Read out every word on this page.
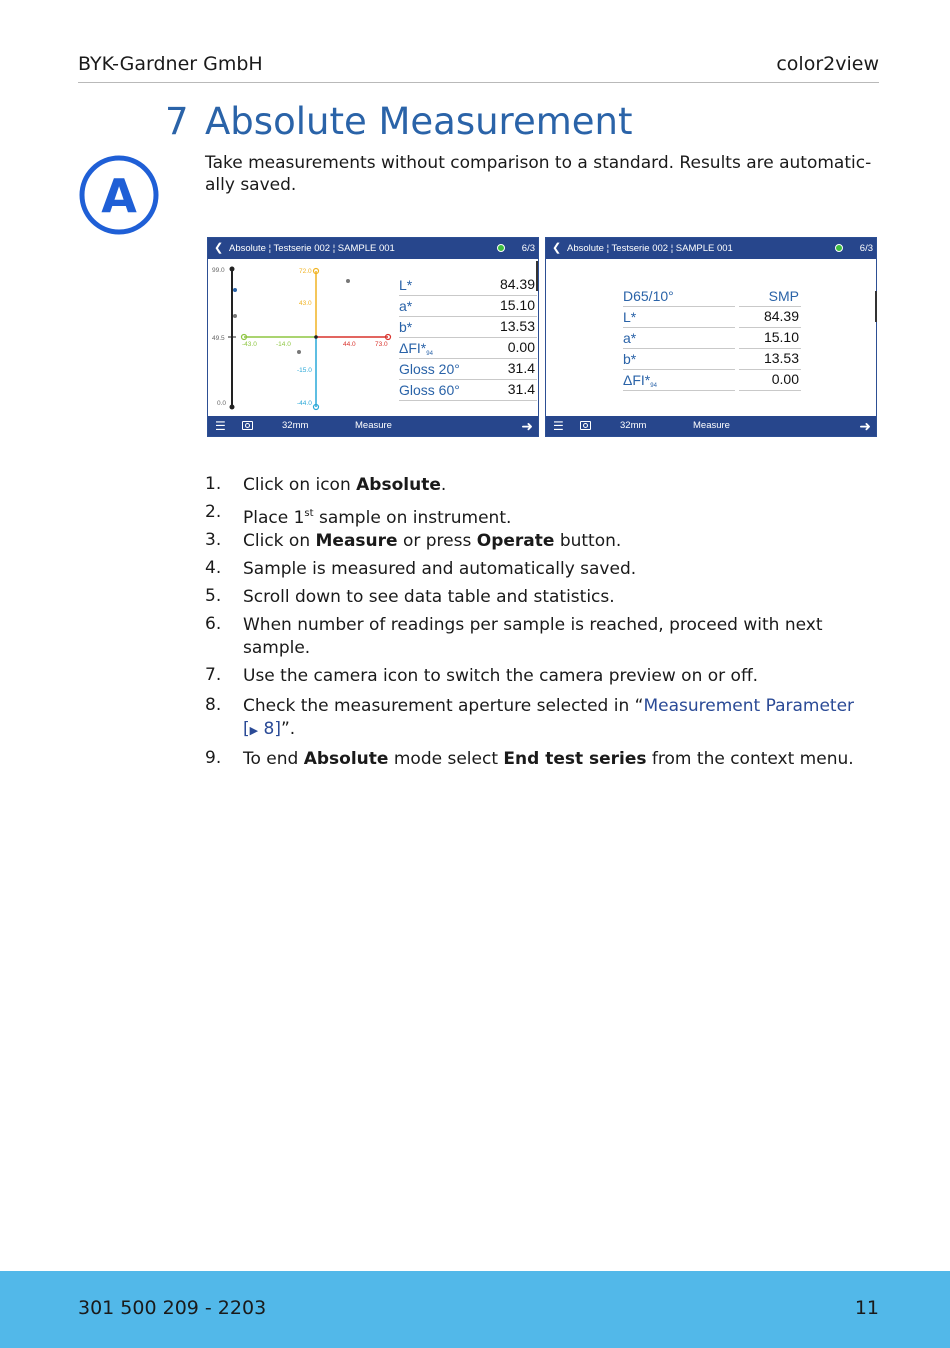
BYK-Gardner GmbH	color2view
7 Absolute Measurement
A
Take measurements without comparison to a standard. Results are automatic-ally saved.
❮ Absolute ¦ Testserie 002 ¦ SAMPLE 001	6/3
99.0
49.5
0.0
72.0
43.0
-15.0
-44.0
-43.0	-14.0	44.0	73.0
L*	84.39
a*	15.10
b*	13.53
$\Delta FI*_{94}$	0.00
Gloss 20°	31.4
Gloss 60°	31.4
☰	32mm	Measure	➜
❮ Absolute ¦ Testserie 002 ¦ SAMPLE 001	6/3
D65/10°	SMP
L*	84.39
a*	15.10
b*	13.53
$\Delta FI*_{94}$	0.00
☰	32mm	Measure	➜
1. Click on icon Absolute.
2. Place 1st sample on instrument.
3. Click on Measure or press Operate button.
4. Sample is measured and automatically saved.
5. Scroll down to see data table and statistics.
6. When number of readings per sample is reached, proceed with next sample.
7. Use the camera icon to switch the camera preview on or off.
8. Check the measurement aperture selected in “Measurement Parameter
[▶ 8]”.
9. To end Absolute mode select End test series from the context menu.
301 500 209 - 2203	11
